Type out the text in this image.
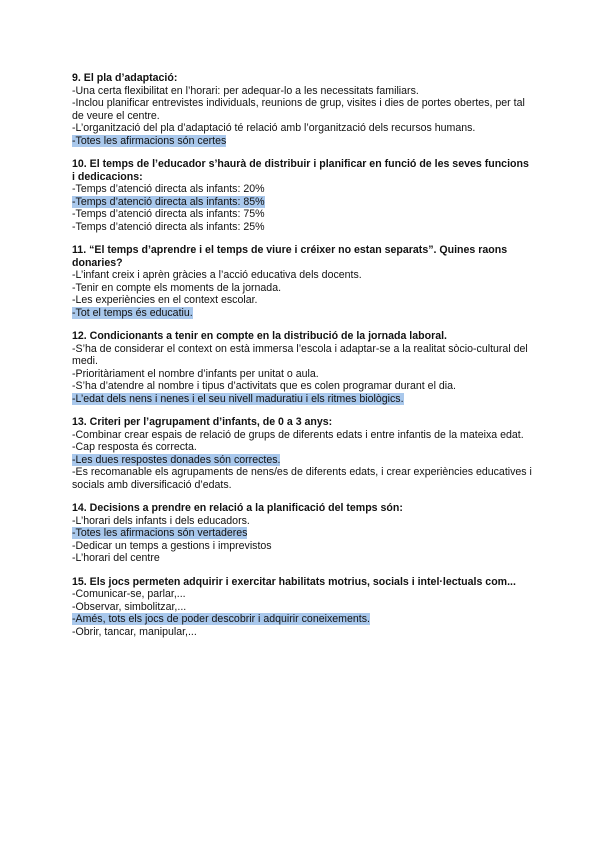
9. El pla d’adaptació:

-Una certa flexibilitat en l’horari: per adequar-lo a les necessitats familiars.

-Inclou planificar entrevistes individuals, reunions de grup, visites i dies de portes obertes, per tal de veure el centre.

-L’organització del pla d’adaptació té relació amb l’organització dels recursos humans.

-Totes les afirmacions són certes

10. El temps de l’educador s’haurà de distribuir i planificar en funció de les seves funcions i dedicacions:

-Temps d’atenció directa als infants: 20%

-Temps d’atenció directa als infants: 85%

-Temps d’atenció directa als infants: 75%

-Temps d’atenció directa als infants: 25%

11. “El temps d’aprendre i el temps de viure i créixer no estan separats”. Quines raons donaries?

-L’infant creix i aprèn gràcies a l’acció educativa dels docents.

-Tenir en compte els moments de la jornada.

-Les experiències en el context escolar.

-Tot el temps és educatiu.

12. Condicionants a tenir en compte en la distribució de la jornada laboral.

-S’ha de considerar el context on està immersa l’escola i adaptar-se a la realitat sòcio-cultural del medi.

-Prioritàriament el nombre d’infants per unitat o aula.

-S’ha d’atendre al nombre i tipus d’activitats que es colen programar durant el dia.

-L’edat dels nens i nenes i el seu nivell maduratiu i els ritmes biològics.

13. Criteri per l’agrupament d’infants, de 0 a 3 anys:

-Combinar crear espais de relació de grups de diferents edats i entre infantis de la mateixa edat.

-Cap resposta és correcta.

-Les dues respostes donades són correctes.

-Es recomanable els agrupaments de nens/es de diferents edats, i crear experiències educatives i socials amb diversificació d’edats.

14. Decisions a prendre en relació a la planificació del temps són:

-L’horari dels infants i dels educadors.

-Totes les afirmacions són vertaderes

-Dedicar un temps a gestions i imprevistos

-L’horari del centre

15. Els jocs permeten adquirir i exercitar habilitats motrius, socials i intel·lectuals com...

-Comunicar-se, parlar,...

-Observar, simbolitzar,...

-Amés, tots els jocs de poder descobrir i adquirir coneixements.

-Obrir, tancar, manipular,...
